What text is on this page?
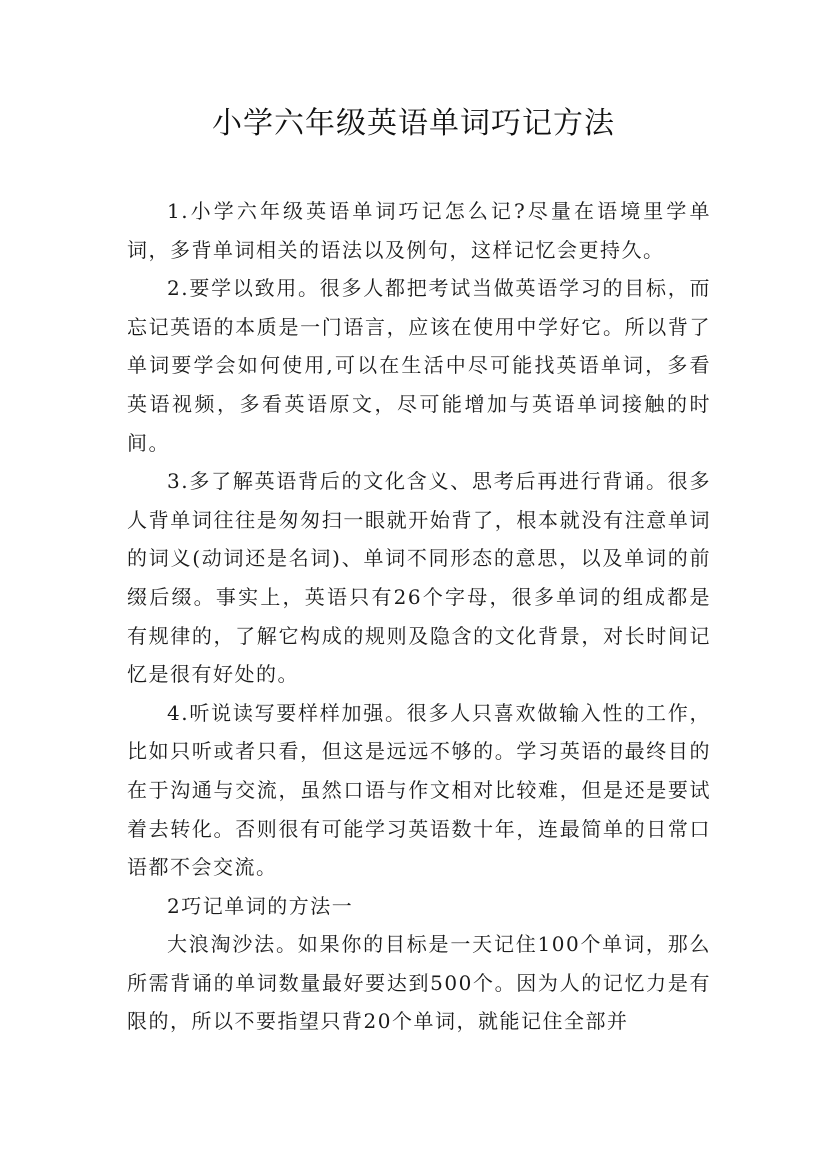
小学六年级英语单词巧记方法

1.小学六年级英语单词巧记怎么记?尽量在语境里学单词，多背单词相关的语法以及例句，这样记忆会更持久。

2.要学以致用。很多人都把考试当做英语学习的目标，而忘记英语的本质是一门语言，应该在使用中学好它。所以背了单词要学会如何使用,可以在生活中尽可能找英语单词，多看英语视频，多看英语原文，尽可能增加与英语单词接触的时间。

3.多了解英语背后的文化含义、思考后再进行背诵。很多人背单词往往是匆匆扫一眼就开始背了，根本就没有注意单词的词义(动词还是名词)、单词不同形态的意思，以及单词的前缀后缀。事实上，英语只有26个字母，很多单词的组成都是有规律的，了解它构成的规则及隐含的文化背景，对长时间记忆是很有好处的。

4.听说读写要样样加强。很多人只喜欢做输入性的工作，比如只听或者只看，但这是远远不够的。学习英语的最终目的在于沟通与交流，虽然口语与作文相对比较难，但是还是要试着去转化。否则很有可能学习英语数十年，连最简单的日常口语都不会交流。

2巧记单词的方法一

大浪淘沙法。如果你的目标是一天记住100个单词，那么所需背诵的单词数量最好要达到500个。因为人的记忆力是有限的，所以不要指望只背20个单词，就能记住全部并
